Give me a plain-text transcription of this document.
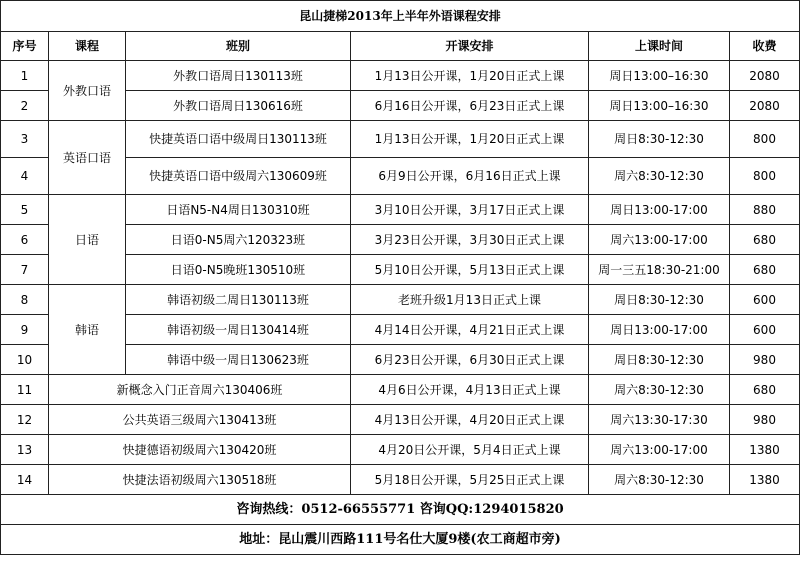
昆山捷梯2013年上半年外语课程安排					
序号	课程	班别	开课安排	上课时间	收费
1	外教口语	外教口语周日130113班	1月13日公开课，1月20日正式上课	周日13:00–16:30	2080
2		外教口语周日130616班	6月16日公开课，6月23日正式上课	周日13:00–16:30	2080
3	英语口语	快捷英语口语中级周日130113班	1月13日公开课，1月20日正式上课	周日8:30-12:30	800
4		快捷英语口语中级周六130609班	6月9日公开课，6月16日正式上课	周六8:30-12:30	800
5	日语	日语N5-N4周日130310班	3月10日公开课，3月17日正式上课	周日13:00-17:00	880
6		日语0-N5周六120323班	3月23日公开课，3月30日正式上课	周六13:00-17:00	680
7		日语0-N5晚班130510班	5月10日公开课，5月13日正式上课	周一三五18:30-21:00	680
8	韩语	韩语初级二周日130113班	老班升级1月13日正式上课	周日8:30-12:30	600
9		韩语初级一周日130414班	4月14日公开课，4月21日正式上课	周日13:00-17:00	600
10		韩语中级一周日130623班	6月23日公开课，6月30日正式上课	周日8:30-12:30	980
11	新概念入门正音周六130406班		4月6日公开课，4月13日正式上课	周六8:30-12:30	680
12	公共英语三级周六130413班		4月13日公开课，4月20日正式上课	周六13:30-17:30	980
13	快捷德语初级周六130420班		4月20日公开课，5月4日正式上课	周六13:00-17:00	1380
14	快捷法语初级周六130518班		5月18日公开课，5月25日正式上课	周六8:30-12:30	1380
咨询热线：0512-66555771 咨询QQ:1294015820					
地址：昆山震川西路111号名仕大厦9楼(农工商超市旁)					
